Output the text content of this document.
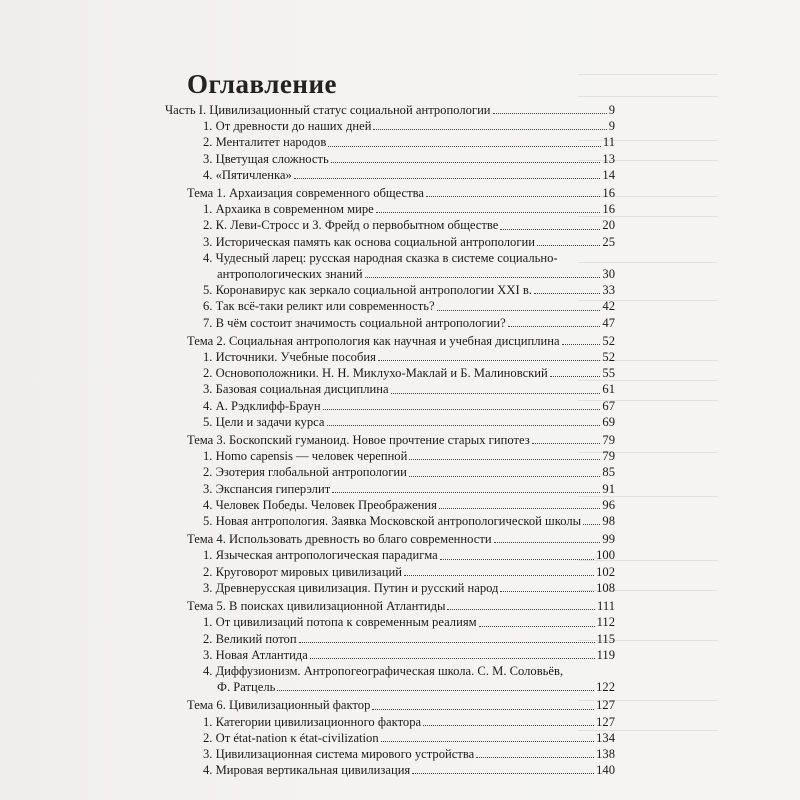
Оглавление
Часть I. Цивилизационный статус социальной антропологии	9
1. От древности до наших дней	9
2. Менталитет народов	11
3. Цветущая сложность	13
4. «Пятичленка»	14
Тема 1. Архаизация современного общества	16
1. Архаика в современном мире	16
2. К. Леви-Стросс и З. Фрейд о первобытном обществе	20
3. Историческая память как основа социальной антропологии	25
4. Чудесный ларец: русская народная сказка в системе социально-
антропологических знаний	30
5. Коронавирус как зеркало социальной антропологии XXI в.	33
6. Так всё-таки реликт или современность?	42
7. В чём состоит значимость социальной антропологии?	47
Тема 2. Социальная антропология как научная и учебная дисциплина	52
1. Источники. Учебные пособия	52
2. Основоположники. Н. Н. Миклухо-Маклай и Б. Малиновский	55
3. Базовая социальная дисциплина	61
4. А. Рэдклифф-Браун	67
5. Цели и задачи курса	69
Тема 3. Боскопский гуманоид. Новое прочтение старых гипотез	79
1. Homo capensis — человек черепной	79
2. Эзотерия глобальной антропологии	85
3. Экспансия гиперэлит	91
4. Человек Победы. Человек Преображения	96
5. Новая антропология. Заявка Московской антропологической школы 98
Тема 4. Использовать древность во благо современности	99
1. Языческая антропологическая парадигма	100
2. Круговорот мировых цивилизаций	102
3. Древнерусская цивилизация. Путин и русский народ	108
Тема 5. В поисках цивилизационной Атлантиды	111
1. От цивилизаций потопа к современным реалиям	112
2. Великий потоп	115
3. Новая Атлантида	119
4. Диффузионизм. Антропогеографическая школа. С. М. Соловьёв,
Ф. Ратцель	122
Тема 6. Цивилизационный фактор	127
1. Категории цивилизационного фактора	127
2. От état-nation к état-civilization	134
3. Цивилизационная система мирового устройства	138
4. Мировая вертикальная цивилизация	140
